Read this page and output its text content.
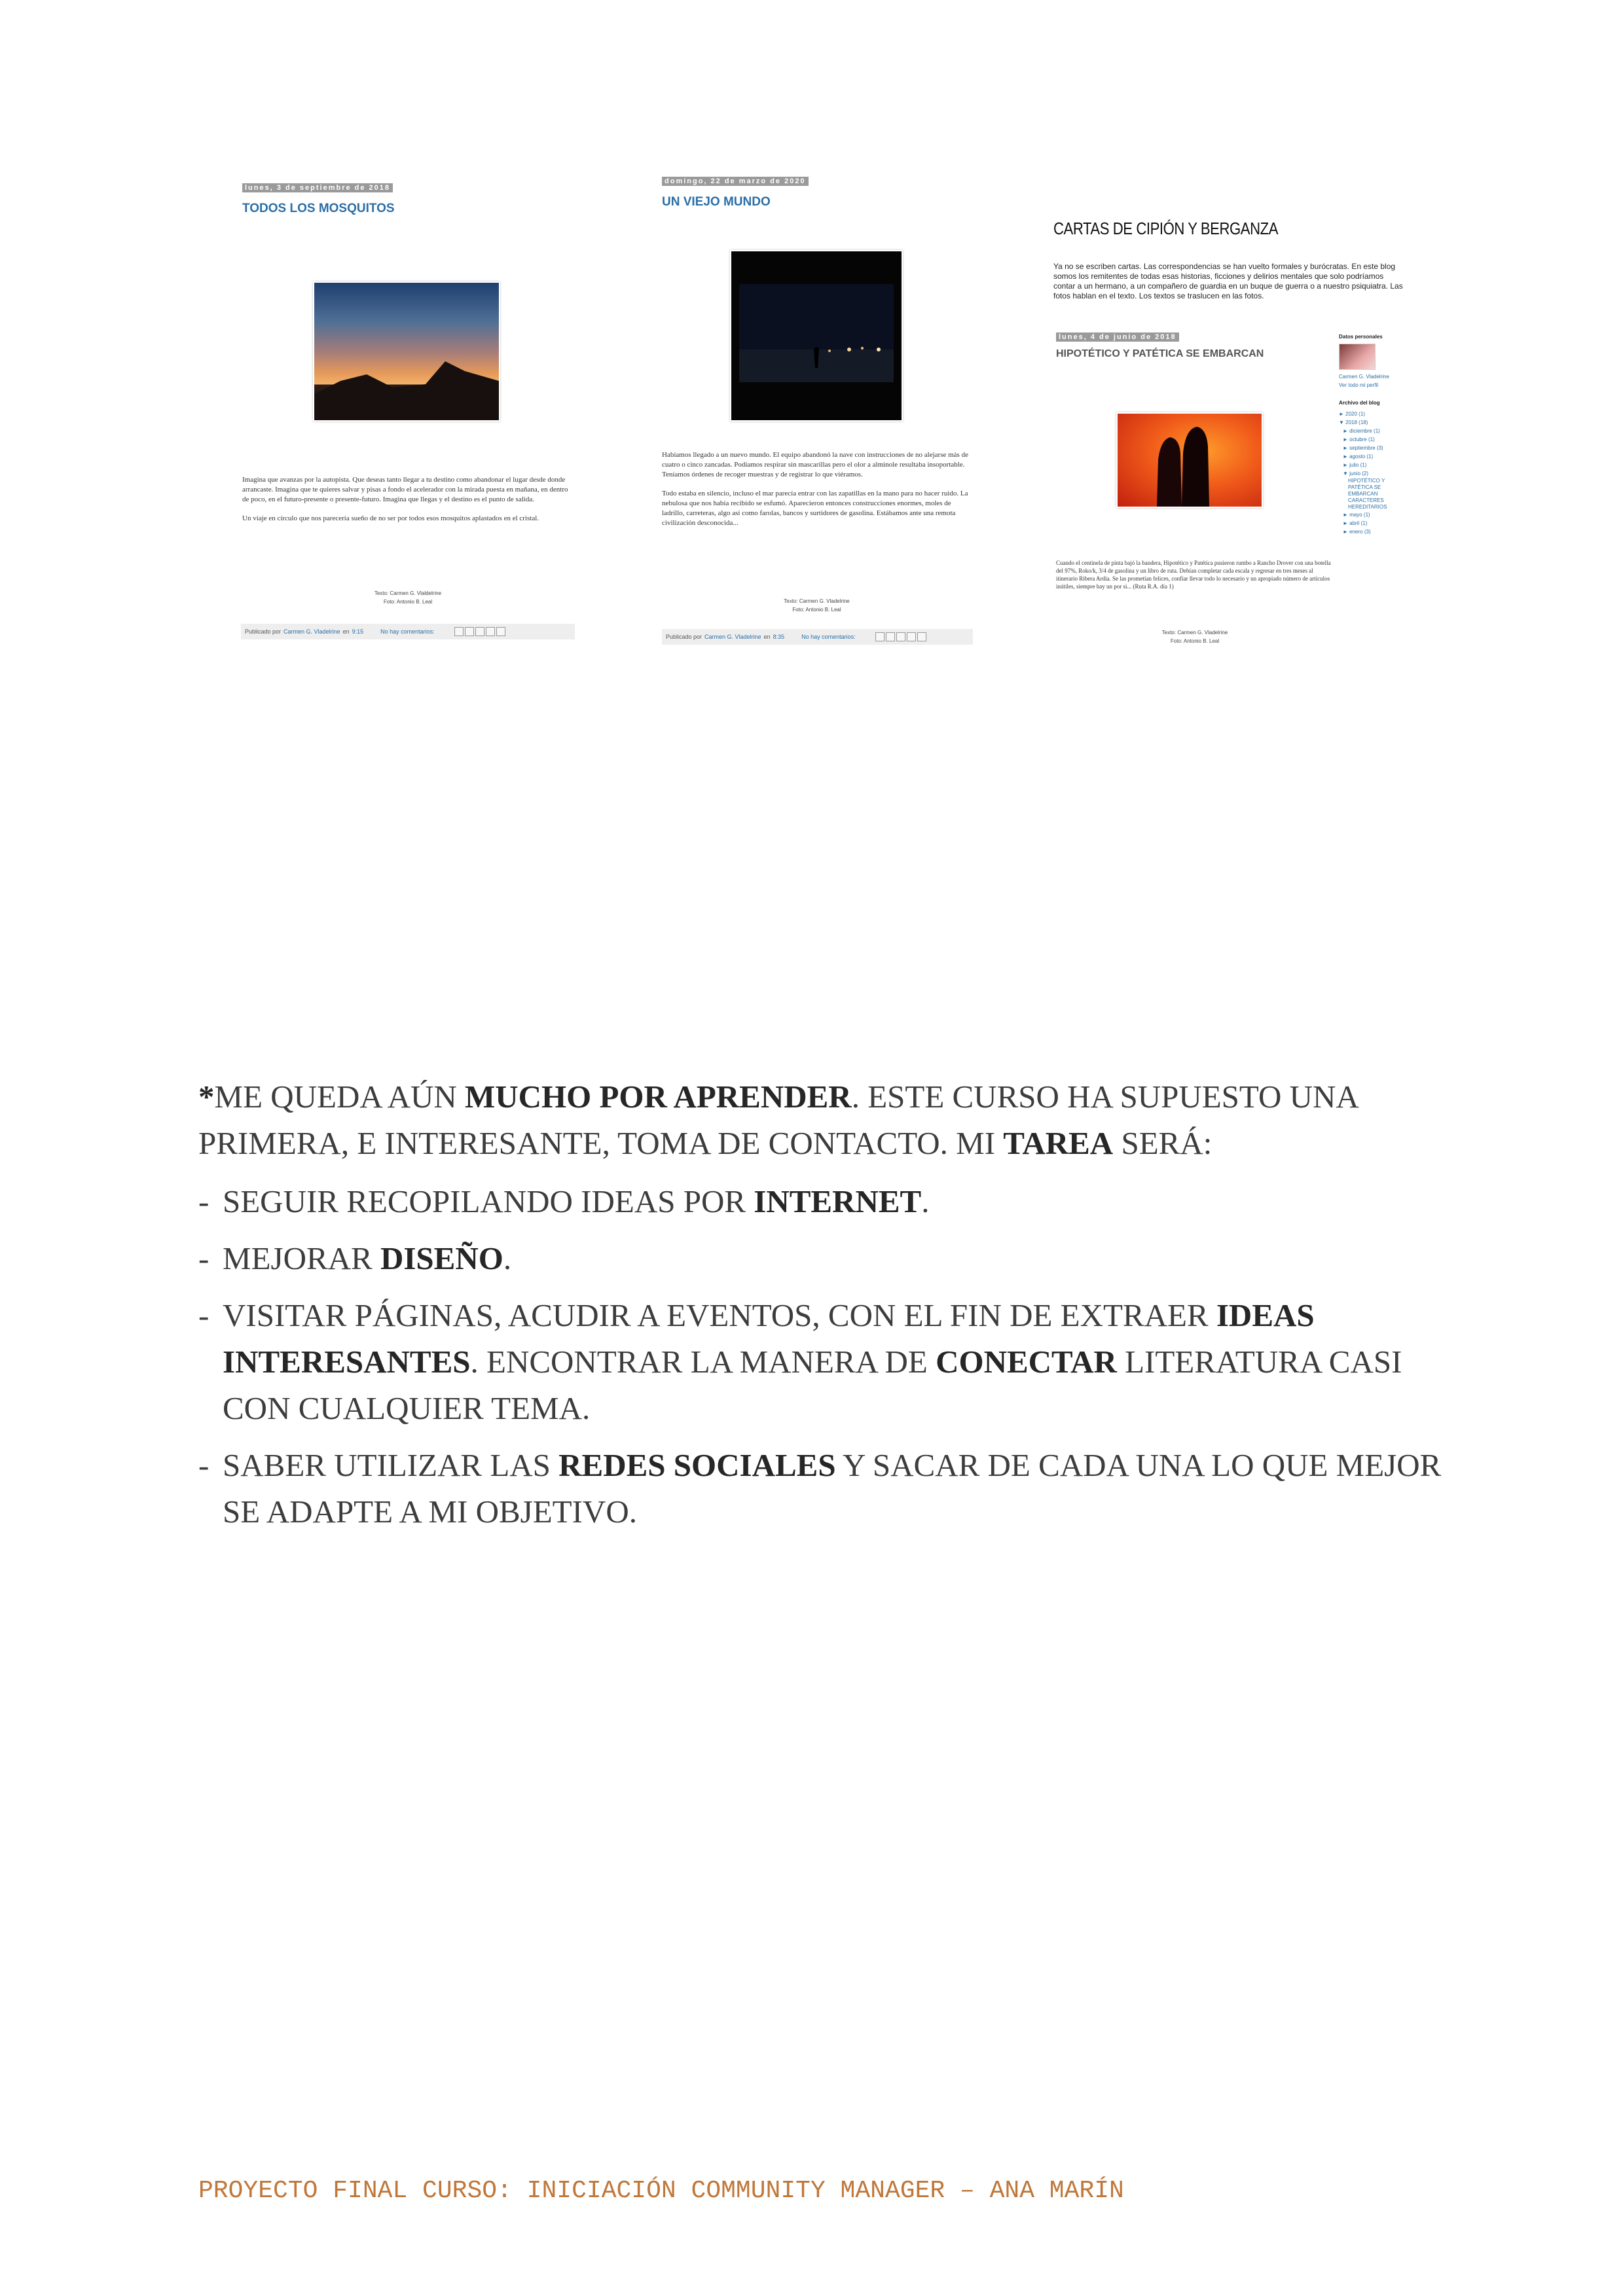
lunes, 3 de septiembre de 2018
TODOS LOS MOSQUITOS

Imagina que avanzas por la autopista. Que deseas tanto llegar a tu destino como abandonar el lugar desde donde arrancaste. Imagina que te quieres salvar y pisas a fondo el acelerador con la mirada puesta en mañana, en dentro de poco, en el futuro-presente o presente-futuro. Imagina que llegas y el destino es el punto de salida.

Un viaje en círculo que nos parecería sueño de no ser por todos esos mosquitos aplastados en el cristal.

Texto: Carmen G. Vlaldelrine
Foto: Antonio B. Leal
Publicado por Carmen G. Vladelrine en 9:15	No hay comentarios:
domingo, 22 de marzo de 2020
UN VIEJO MUNDO

Habíamos llegado a un nuevo mundo. El equipo abandonó la nave con instrucciones de no alejarse más de cuatro o cinco zancadas. Podíamos respirar sin mascarillas pero el olor a alminole resultaba insoportable. Teníamos órdenes de recoger muestras y de registrar lo que viéramos.

Todo estaba en silencio, incluso el mar parecía entrar con las zapatillas en la mano para no hacer ruido. La nebulosa que nos había recibido se esfumó. Aparecieron entonces construcciones enormes, moles de ladrillo, carreteras, algo así como farolas, bancos y surtidores de gasolina. Estábamos ante una remota civilización desconocida...

Texto: Carmen G. Vladelrine
Foto: Antonio B. Leal
Publicado por Carmen G. Vladelrine en 8:35	No hay comentarios:
CARTAS DE CIPIÓN Y BERGANZA
Ya no se escriben cartas. Las correspondencias se han vuelto formales y burócratas. En este blog somos los remitentes de todas esas historias, ficciones y delirios mentales que solo podríamos contar a un hermano, a un compañero de guardia en un buque de guerra o a nuestro psiquiatra. Las fotos hablan en el texto. Los textos se traslucen en las fotos.
lunes, 4 de junio de 2018
HIPOTÉTICO Y PATÉTICA SE EMBARCAN
Cuando el centinela de pinta bajó la bandera, Hipotético y Patética pusieron rumbo a Rancho Drover con una botella del 97%, Roko/k, 3/4 de gasolina y un libro de ruta. Debían completar cada escala y regresar en tres meses al itinerario Ribera Ardía. Se las prometían felices, confiar llevar todo lo necesario y un apropiado número de artículos inútiles, siempre hay un por si... (Ruta R.A. día 1)
Texto: Carmen G. Vladelrine
Foto: Antonio B. Leal
Datos personales
Carmen G. Vladelrine
Ver todo mi perfil
Archivo del blog
► 2020 (1)
▼ 2018 (18)
► diciembre (1)
► octubre (1)
► septiembre (3)
► agosto (1)
► julio (1)
▼ junio (2)
HIPOTÉTICO Y PATÉTICA SE EMBARCAN
CARACTERES HEREDITARIOS
► mayo (1)
► abril (1)
► enero (3)

*ME QUEDA AÚN MUCHO POR APRENDER. ESTE CURSO HA SUPUESTO UNA PRIMERA, E INTERESANTE, TOMA DE CONTACTO. MI TAREA SERÁ:

- SEGUIR RECOPILANDO IDEAS POR INTERNET.
- MEJORAR DISEÑO.
- VISITAR PÁGINAS, ACUDIR A EVENTOS, CON EL FIN DE EXTRAER IDEAS INTERESANTES. ENCONTRAR LA MANERA DE CONECTAR LITERATURA CASI CON CUALQUIER TEMA.
- SABER UTILIZAR LAS REDES SOCIALES Y SACAR DE CADA UNA LO QUE MEJOR SE ADAPTE A MI OBJETIVO.
PROYECTO FINAL CURSO: INICIACIÓN COMMUNITY MANAGER – ANA MARÍN
